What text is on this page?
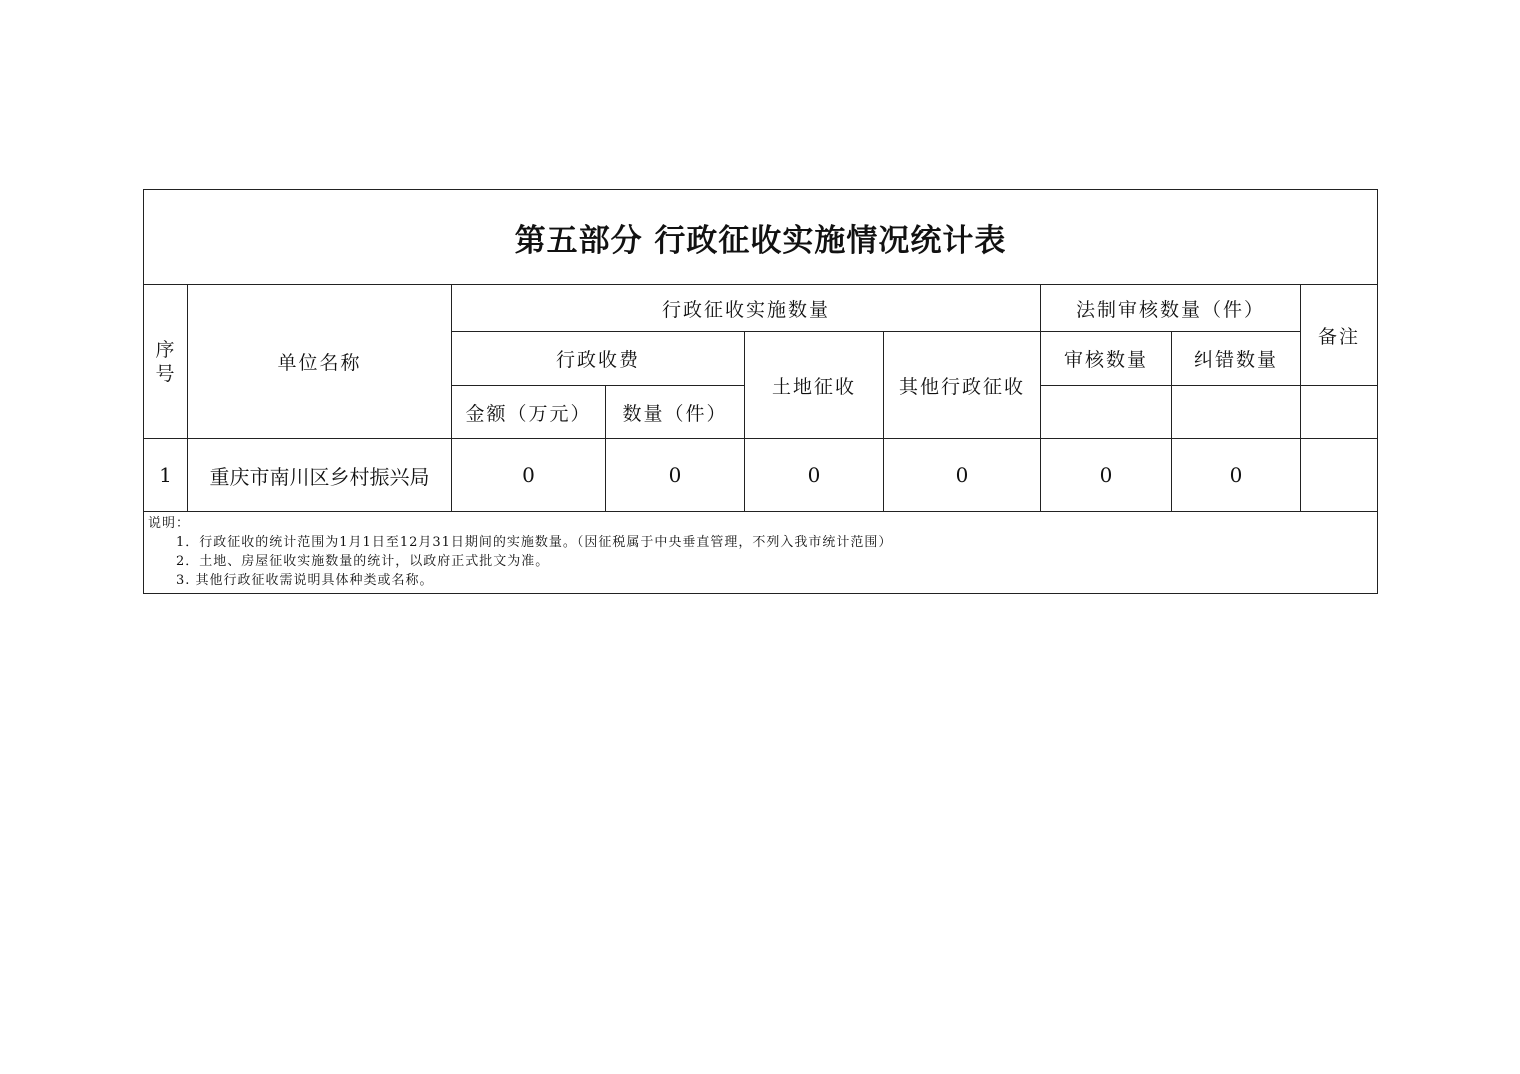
第五部分 行政征收实施情况统计表								
序号	单位名称	行政征收实施数量				法制审核数量（件）		备注
		行政收费		土地征收	其他行政征收	审核数量	纠错数量	
		金额（万元）	数量（件）					
1	重庆市南川区乡村振兴局	0	0	0	0	0	0	

说明：
1．行政征收的统计范围为1月1日至12月31日期间的实施数量。（因征税属于中央垂直管理，不列入我市统计范围）
2．土地、房屋征收实施数量的统计，以政府正式批文为准。
3. 其他行政征收需说明具体种类或名称。								
